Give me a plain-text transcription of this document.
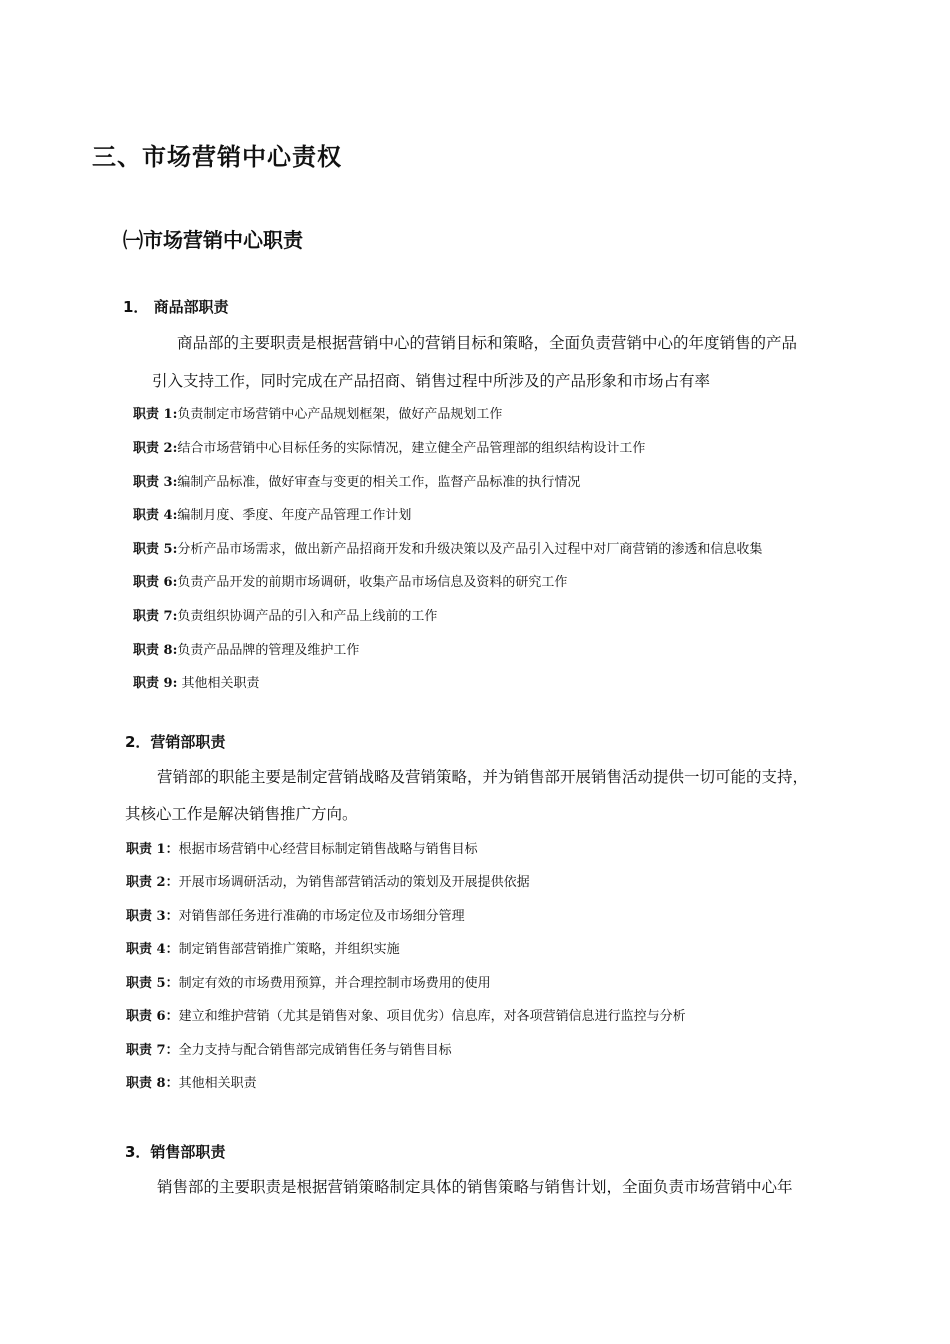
三、市场营销中心责权
㈠市场营销中心职责
1． 商品部职责
商品部的主要职责是根据营销中心的营销目标和策略，全面负责营销中心的年度销售的产品
引入支持工作，同时完成在产品招商、销售过程中所涉及的产品形象和市场占有率
职责 1:负责制定市场营销中心产品规划框架，做好产品规划工作
职责 2:结合市场营销中心目标任务的实际情况，建立健全产品管理部的组织结构设计工作
职责 3:编制产品标准，做好审查与变更的相关工作，监督产品标准的执行情况
职责 4:编制月度、季度、年度产品管理工作计划
职责 5:分析产品市场需求，做出新产品招商开发和升级决策以及产品引入过程中对厂商营销的渗透和信息收集
职责 6:负责产品开发的前期市场调研，收集产品市场信息及资料的研究工作
职责 7:负责组织协调产品的引入和产品上线前的工作
职责 8:负责产品品牌的管理及维护工作
职责 9: 其他相关职责
2．营销部职责
营销部的职能主要是制定营销战略及营销策略，并为销售部开展销售活动提供一切可能的支持，
其核心工作是解决销售推广方向。
职责 1：根据市场营销中心经营目标制定销售战略与销售目标
职责 2：开展市场调研活动，为销售部营销活动的策划及开展提供依据
职责 3：对销售部任务进行准确的市场定位及市场细分管理
职责 4：制定销售部营销推广策略，并组织实施
职责 5：制定有效的市场费用预算，并合理控制市场费用的使用
职责 6：建立和维护营销（尤其是销售对象、项目优劣）信息库，对各项营销信息进行监控与分析
职责 7：全力支持与配合销售部完成销售任务与销售目标
职责 8：其他相关职责
3．销售部职责
销售部的主要职责是根据营销策略制定具体的销售策略与销售计划，全面负责市场营销中心年
